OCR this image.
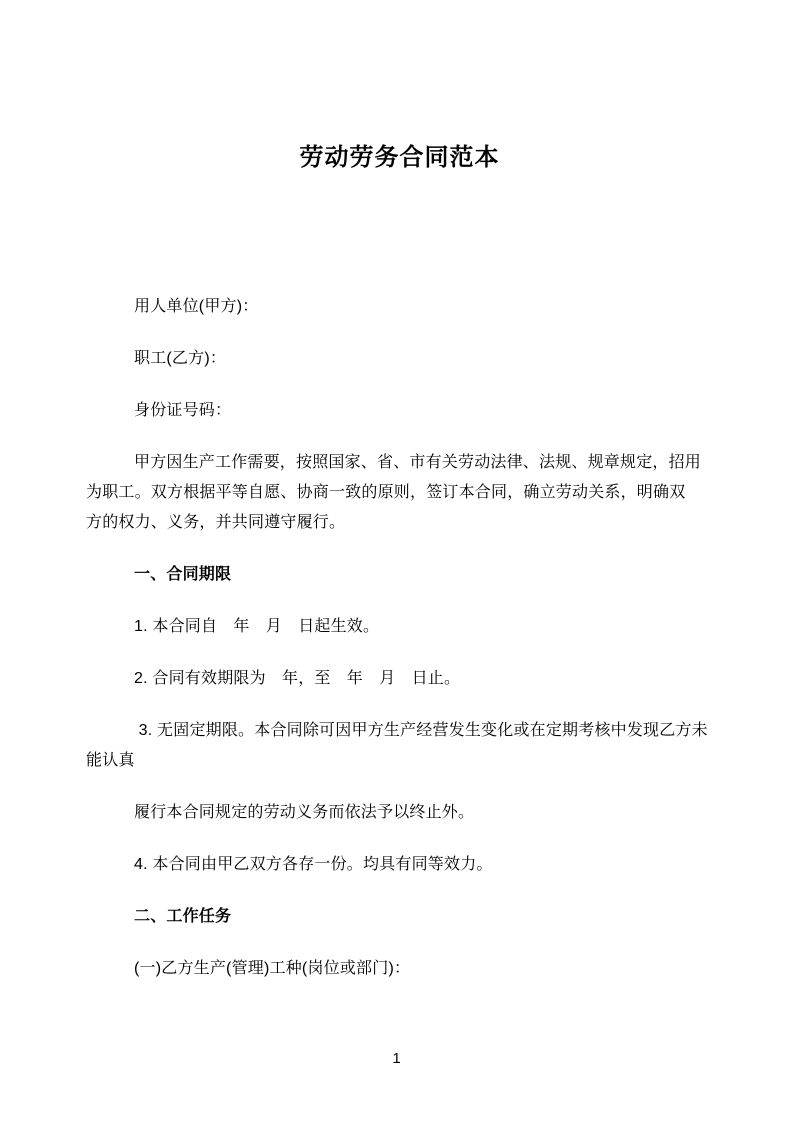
劳动劳务合同范本

用人单位(甲方)：

职工(乙方)：

身份证号码：

甲方因生产工作需要，按照国家、省、市有关劳动法律、法规、规章规定，招用

为职工。双方根据平等自愿、协商一致的原则，签订本合同，确立劳动关系，明确双

方的权力、义务，并共同遵守履行。

一、合同期限

1. 本合同自　年　月　日起生效。

2. 合同有效期限为　年，至　年　月　日止。

3. 无固定期限。本合同除可因甲方生产经营发生变化或在定期考核中发现乙方未

能认真

履行本合同规定的劳动义务而依法予以终止外。

4. 本合同由甲乙双方各存一份。均具有同等效力。

二、工作任务

(一)乙方生产(管理)工种(岗位或部门)：

1
